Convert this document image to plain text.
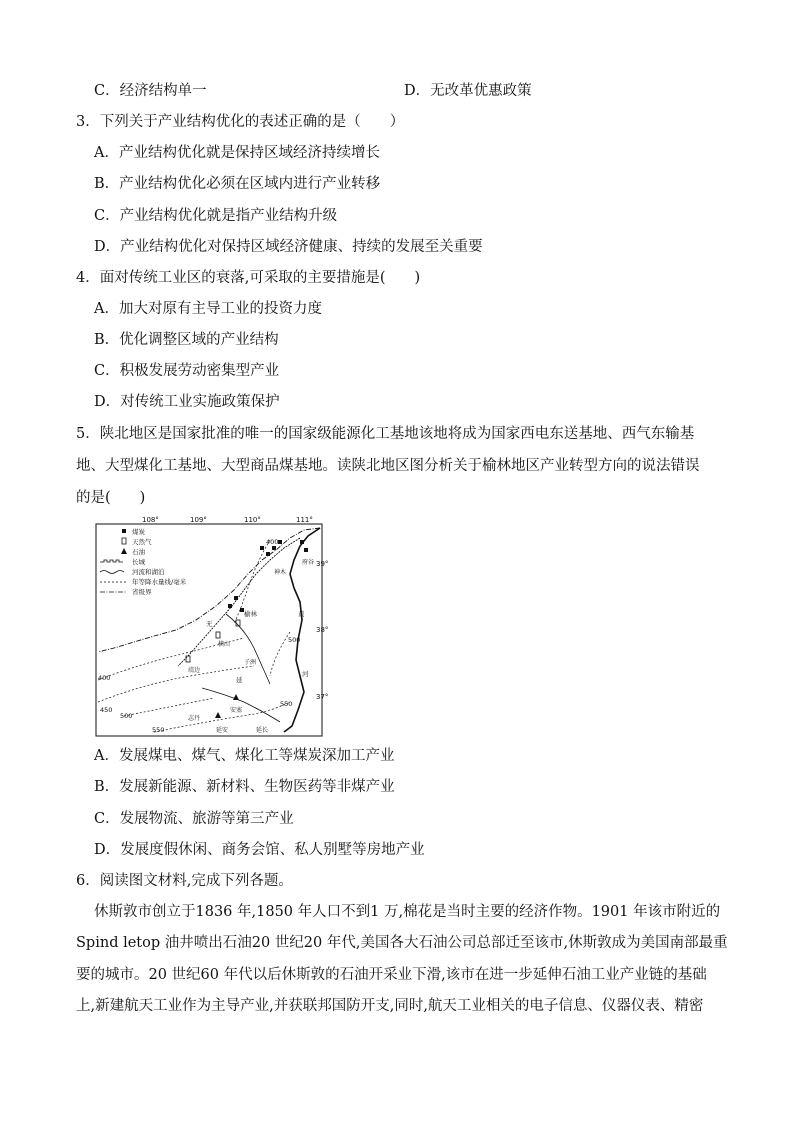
C．经济结构单一	D．无改革优惠政策
3．下列关于产业结构优化的表述正确的是（　　）
A．产业结构优化就是保持区域经济持续增长
B．产业结构优化必须在区域内进行产业转移
C．产业结构优化就是指产业结构升级
D．产业结构优化对保持区域经济健康、持续的发展至关重要
4．面对传统工业区的衰落,可采取的主要措施是(　　)
A．加大对原有主导工业的投资力度
B．优化调整区域的产业结构
C．积极发展劳动密集型产业
D．对传统工业实施政策保护
5．陕北地区是国家批准的唯一的国家级能源化工基地该地将成为国家西电东送基地、西气东输基
地、大型煤化工基地、大型商品煤基地。读陕北地区图分析关于榆林地区产业转型方向的说法错误
的是(　　)
108°	109°	110°	111°
39°
38°
37°
煤炭
天然气
石油
长城
河流和湖泊
年等降水量线/毫米
省级界
400
500
400
450
500
550
550
神木
府谷
榆林
横山
靖边
子洲
安塞
志丹
延安	延长
黄
河
无
延
A．发展煤电、煤气、煤化工等煤炭深加工产业
B．发展新能源、新材料、生物医药等非煤产业
C．发展物流、旅游等第三产业
D．发展度假休闲、商务会馆、私人别墅等房地产业
6．阅读图文材料,完成下列各题。
休斯敦市创立于1836 年,1850 年人口不到1 万,棉花是当时主要的经济作物。1901 年该市附近的
Spind letop 油井喷出石油20 世纪20 年代,美国各大石油公司总部迁至该市,休斯敦成为美国南部最重
要的城市。20 世纪60 年代以后休斯敦的石油开采业下滑,该市在进一步延伸石油工业产业链的基础
上,新建航天工业作为主导产业,并获联邦国防开支,同时,航天工业相关的电子信息、仪器仪表、精密
